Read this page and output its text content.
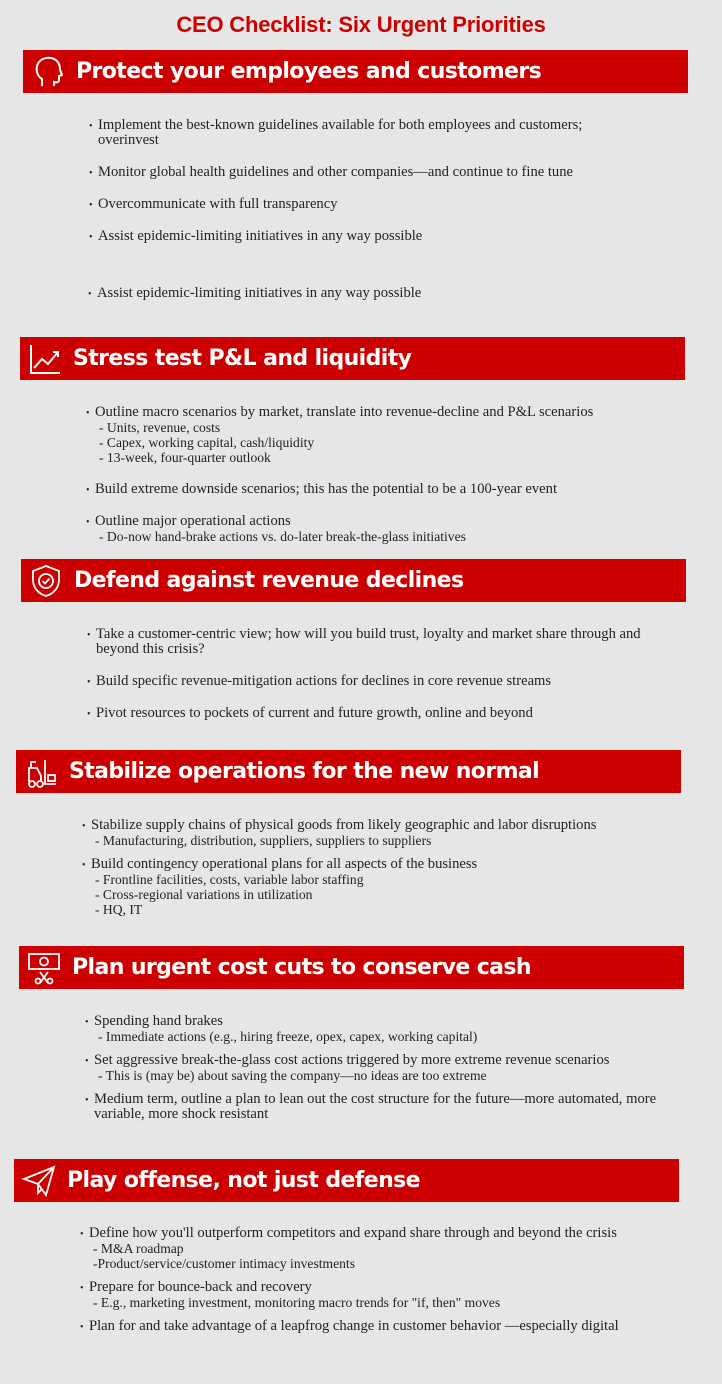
CEO Checklist: Six Urgent Priorities
Protect your employees and customers
• Implement the best-known guidelines available for both employees and customers; overinvest
• Monitor global health guidelines and other companies—and continue to fine tune
• Overcommunicate with full transparency
• Assist epidemic-limiting initiatives in any way possible
• Assist epidemic-limiting initiatives in any way possible
Stress test P&L and liquidity
• Outline macro scenarios by market, translate into revenue-decline and P&L scenarios
- Units, revenue, costs
- Capex, working capital, cash/liquidity
- 13-week, four-quarter outlook
• Build extreme downside scenarios; this has the potential to be a 100-year event
• Outline major operational actions
- Do-now hand-brake actions vs. do-later break-the-glass initiatives
Defend against revenue declines
• Take a customer-centric view; how will you build trust, loyalty and market share through and beyond this crisis?
• Build specific revenue-mitigation actions for declines in core revenue streams
• Pivot resources to pockets of current and future growth, online and beyond
Stabilize operations for the new normal
• Stabilize supply chains of physical goods from likely geographic and labor disruptions
- Manufacturing, distribution, suppliers, suppliers to suppliers
• Build contingency operational plans for all aspects of the business
- Frontline facilities, costs, variable labor staffing
- Cross-regional variations in utilization
- HQ, IT
Plan urgent cost cuts to conserve cash
• Spending hand brakes
- Immediate actions (e.g., hiring freeze, opex, capex, working capital)
• Set aggressive break-the-glass cost actions triggered by more extreme revenue scenarios
- This is (may be) about saving the company—no ideas are too extreme
• Medium term, outline a plan to lean out the cost structure for the future—more automated, more variable, more shock resistant
Play offense, not just defense
• Define how you'll outperform competitors and expand share through and beyond the crisis
- M&A roadmap
-Product/service/customer intimacy investments
• Prepare for bounce-back and recovery
- E.g., marketing investment, monitoring macro trends for "if, then" moves
• Plan for and take advantage of a leapfrog change in customer behavior —especially digital
